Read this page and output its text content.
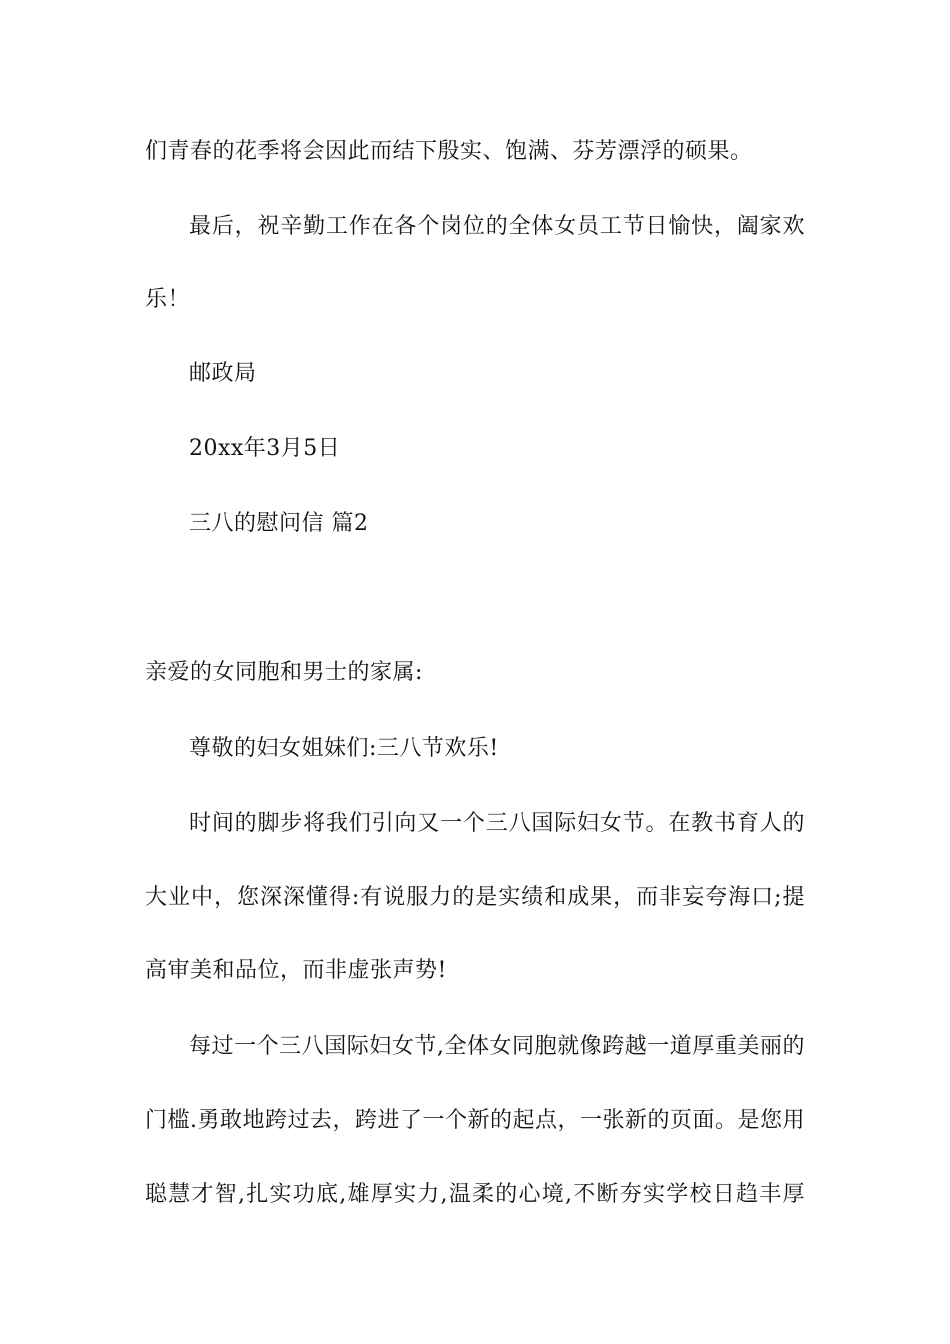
们青春的花季将会因此而结下殷实、饱满、芬芳漂浮的硕果。
最后，祝辛勤工作在各个岗位的全体女员工节日愉快，阖家欢
乐！
邮政局
20xx年3月5日
三八的慰问信 篇2
亲爱的女同胞和男士的家属:
尊敬的妇女姐妹们:三八节欢乐!
时间的脚步将我们引向又一个三八国际妇女节。在教书育人的
大业中，您深深懂得:有说服力的是实绩和成果，而非妄夸海口;提
高审美和品位，而非虚张声势!
每过一个三八国际妇女节,全体女同胞就像跨越一道厚重美丽的
门槛.勇敢地跨过去，跨进了一个新的起点，一张新的页面。是您用
聪慧才智,扎实功底,雄厚实力,温柔的心境,不断夯实学校日趋丰厚
